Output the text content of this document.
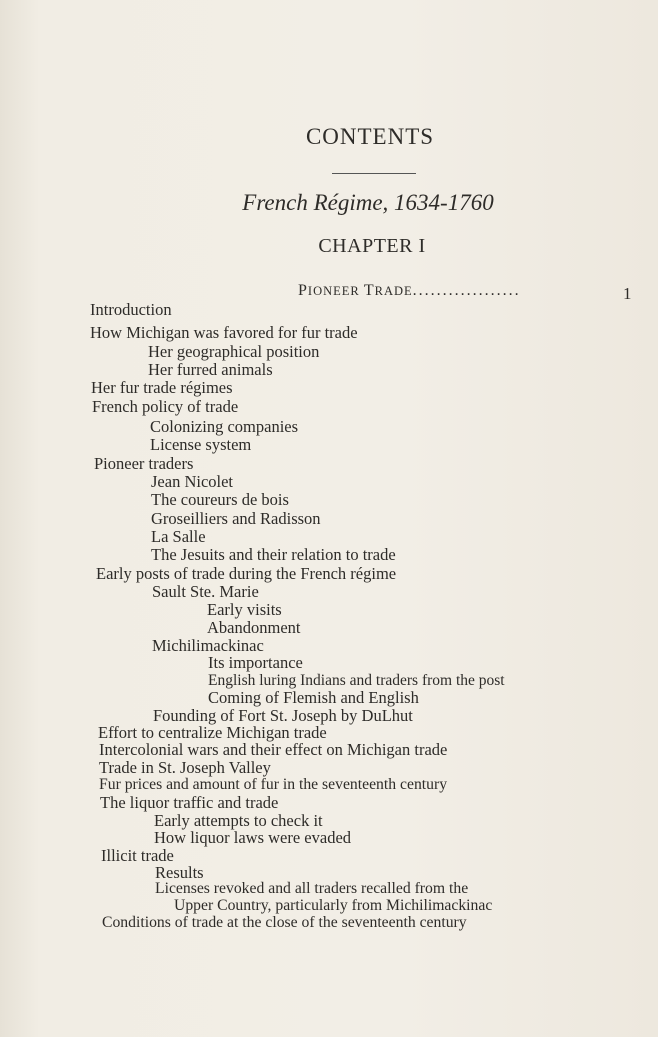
CONTENTS
French Régime, 1634-1760
CHAPTER I
PIONEER TRADE..................	1
Introduction
How Michigan was favored for fur trade
Her geographical position
Her furred animals
Her fur trade régimes
French policy of trade
Colonizing companies
License system
Pioneer traders
Jean Nicolet
The coureurs de bois
Groseilliers and Radisson
La Salle
The Jesuits and their relation to trade
Early posts of trade during the French régime
Sault Ste. Marie
Early visits
Abandonment
Michilimackinac
Its importance
English luring Indians and traders from the post
Coming of Flemish and English
Founding of Fort St. Joseph by DuLhut
Effort to centralize Michigan trade
Intercolonial wars and their effect on Michigan trade
Trade in St. Joseph Valley
Fur prices and amount of fur in the seventeenth century
The liquor traffic and trade
Early attempts to check it
How liquor laws were evaded
Illicit trade
Results
Licenses revoked and all traders recalled from the
Upper Country, particularly from Michilimackinac
Conditions of trade at the close of the seventeenth century
